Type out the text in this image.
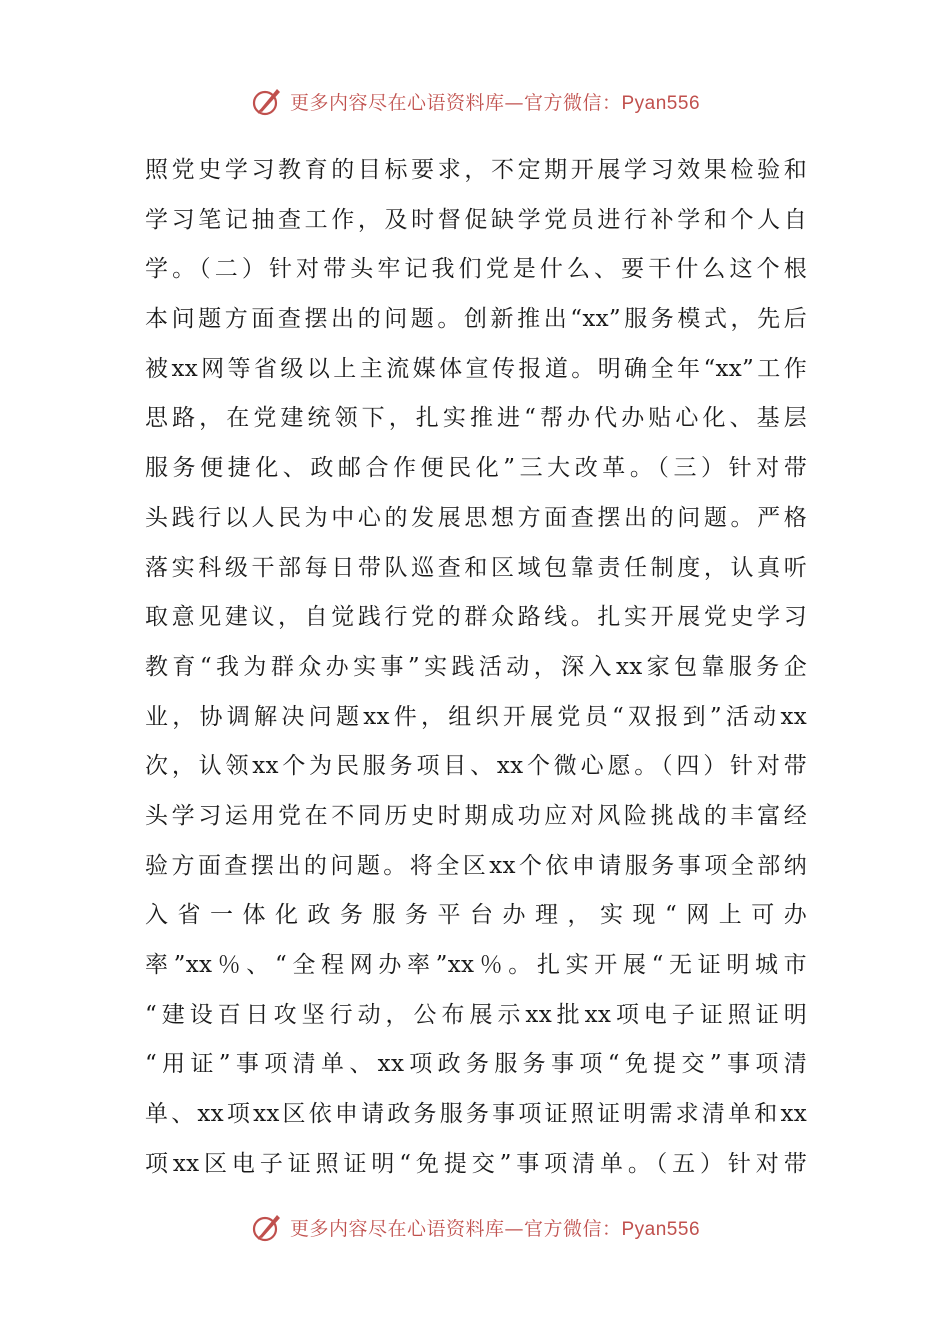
更多内容尽在心语资料库—官方微信：Pyan556
照党史学习教育的目标要求，不定期开展学习效果检验和
学习笔记抽查工作，及时督促缺学党员进行补学和个人自
学。（二）针对带头牢记我们党是什么、要干什么这个根
本问题方面查摆出的问题。创新推出“xx”服务模式，先后
被xx网等省级以上主流媒体宣传报道。明确全年“xx”工作
思路，在党建统领下，扎实推进“帮办代办贴心化、基层
服务便捷化、政邮合作便民化”三大改革。（三）针对带
头践行以人民为中心的发展思想方面查摆出的问题。严格
落实科级干部每日带队巡查和区域包靠责任制度，认真听
取意见建议，自觉践行党的群众路线。扎实开展党史学习
教育“我为群众办实事”实践活动，深入xx家包靠服务企
业，协调解决问题xx件，组织开展党员“双报到”活动xx
次，认领xx个为民服务项目、xx个微心愿。（四）针对带
头学习运用党在不同历史时期成功应对风险挑战的丰富经
验方面查摆出的问题。将全区xx个依申请服务事项全部纳
入省一体化政务服务平台办理，实现“网上可办
率”xx％、“全程网办率”xx％。扎实开展“无证明城市
“建设百日攻坚行动，公布展示xx批xx项电子证照证明
“用证”事项清单、xx项政务服务事项“免提交”事项清
单、xx项xx区依申请政务服务事项证照证明需求清单和xx
项xx区电子证照证明“免提交”事项清单。（五）针对带
更多内容尽在心语资料库—官方微信：Pyan556
